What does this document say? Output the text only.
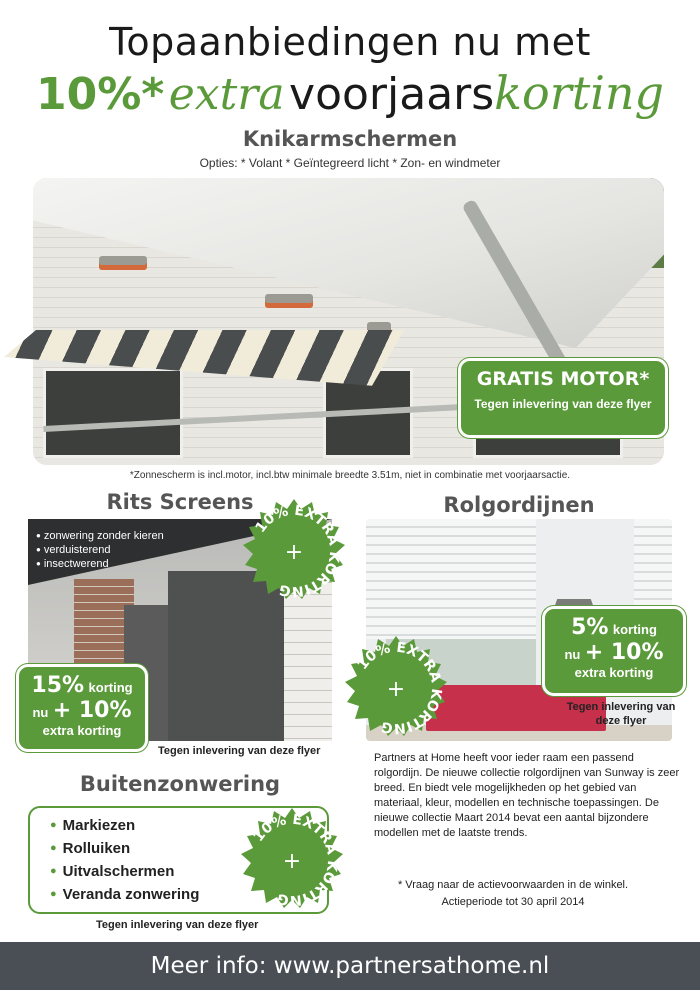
Topaanbiedingen nu met
10%* extra voorjaarskorting
Knikarmschermen
Opties: * Volant * Geïntegreerd licht * Zon- en windmeter
GRATIS MOTOR*
Tegen inlevering van deze flyer
*Zonnescherm is incl.motor, incl.btw minimale breedte 3.51m, niet in combinatie met voorjaarsactie.
Rits Screens
● zonwering zonder kieren
● verduisterend
● insectwerend
15% korting
nu + 10%
extra korting
Tegen inlevering van deze flyer
10% EXTRA KORTING
+
Rolgordijnen
5% korting
nu + 10%
extra korting
Tegen inlevering van deze flyer
10% EXTRA KORTING
+
Partners at Home heeft voor ieder raam een passend rolgordijn. De nieuwe collectie rolgordijnen van Sunway is zeer breed. En biedt vele mogelijkheden op het gebied van materiaal, kleur, modellen en technische toepassingen. De nieuwe collectie Maart 2014 bevat een aantal bijzondere modellen met de laatste trends.
Buitenzonwering
● Markiezen
● Rolluiken
● Uitvalschermen
● Veranda zonwering
10% EXTRA KORTING
+
Tegen inlevering van deze flyer
* Vraag naar de actievoorwaarden in de winkel.
Actieperiode tot 30 april 2014
Meer info: www.partnersathome.nl
